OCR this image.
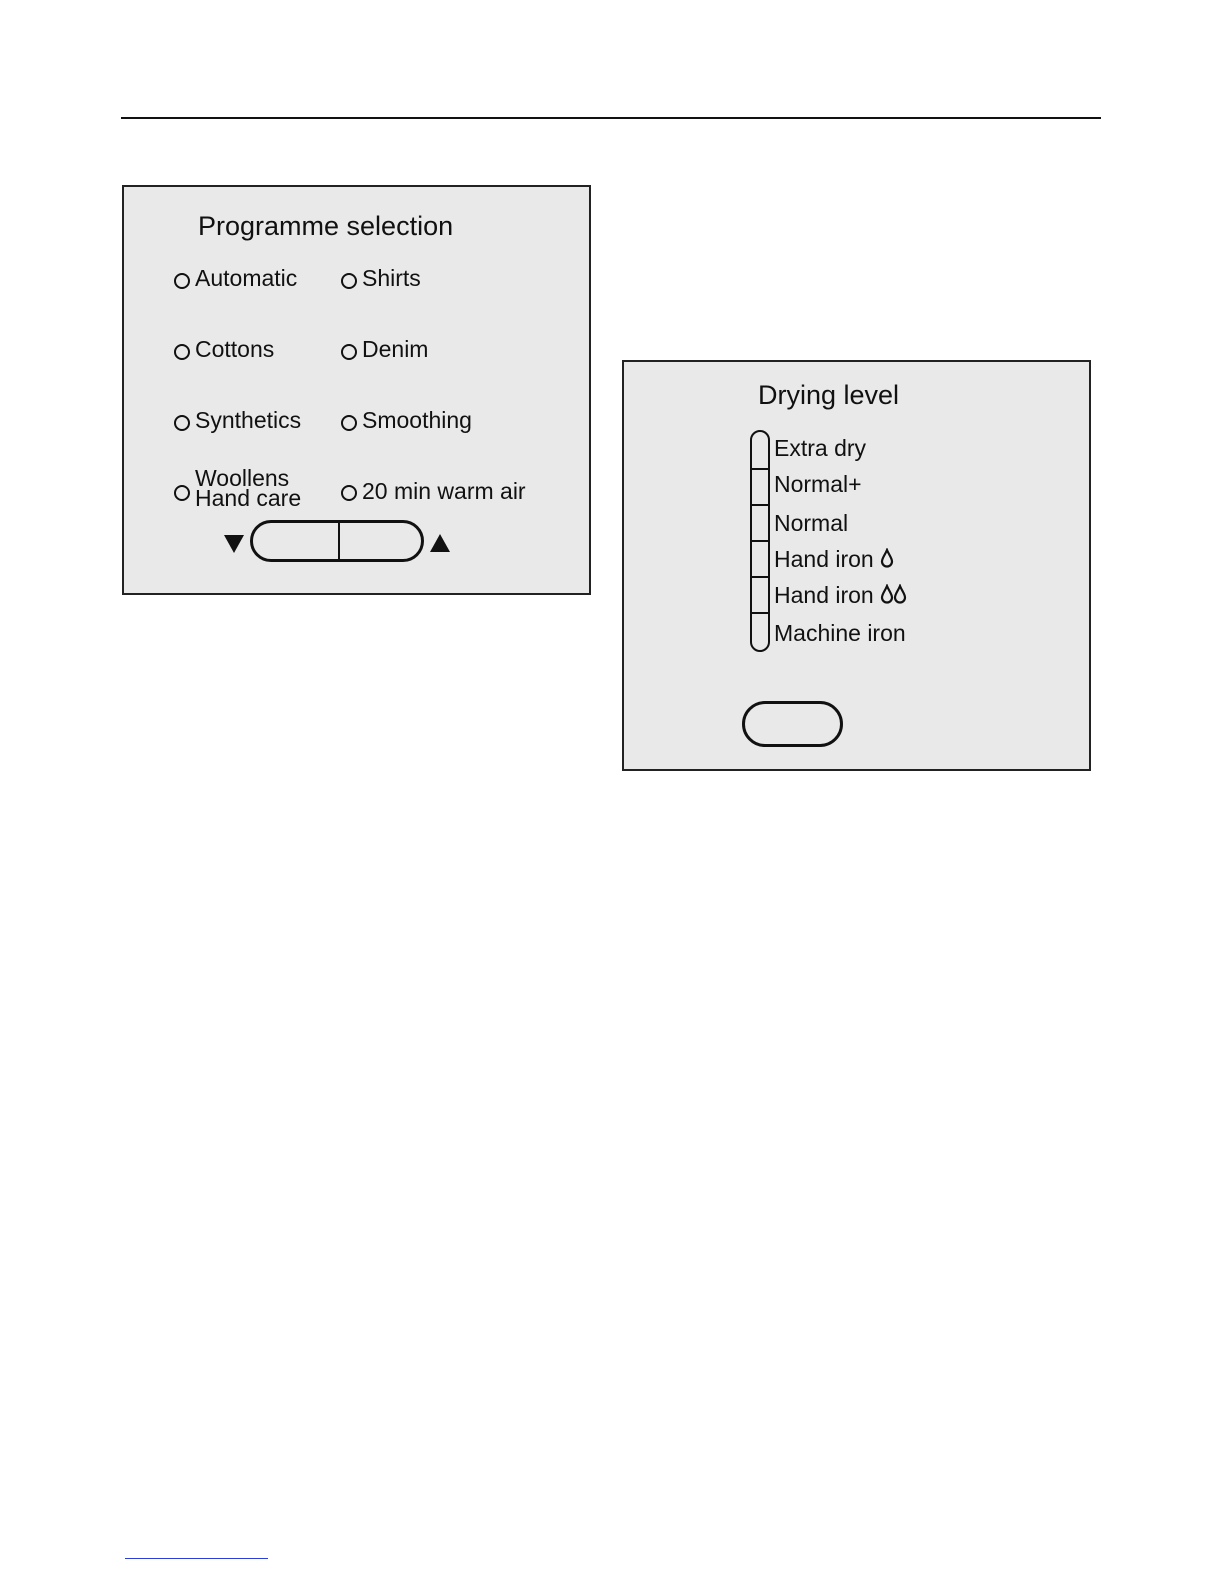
Programme selection
Automatic	Shirts
Cottons	Denim
Synthetics	Smoothing
Woollens
Hand care	20 min warm air
Drying level
Extra dry
Normal+
Normal
Hand iron
Hand iron
Machine iron
